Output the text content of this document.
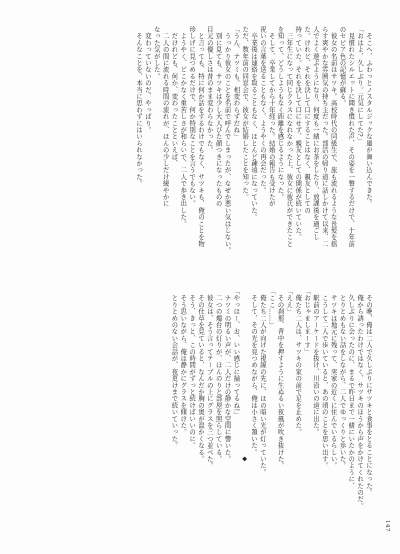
　そこへ、ふわっとノスタルジックな風が舞い込んできた。
「おはよ、久しぶり。元気にしてた?」
　見慣れたシルエットに聞き慣れた声、その姿を一瞥するだけで、十年前
のセピア色の記憶が蘇る。
　彼女の名前はサツキ。高校時代の同級生で、旅も流れるような長髪を揺
らす爽やかな雰囲気の持ち主だった。部活の帰り道に話しかけて以来、二
人でよく遊ぶようになり、何度も一緒にお茶をしたり、放課後を過ごし
た。けれど、それを決して口にすることはなく、親友としての
持っていた。それを決して口にせず、親友としての関係が続いていた。
　三年生になって同じクラスになれなかった上、彼女に彼氏ができたこと
を知って、どうしようもなく距離を感じるようになった。
　そして、卒業してから十年経った。結婚の報告も受けたが
祝いの言葉を送ることもなく、ようやくの再会だった。
　卒業後は連絡を取ることもなく、ほとんど疎遠になっていた。
ただ、数年前の同窓会で、彼女が結婚したことを知った。
「うん、ナツミも。相変わらずだね」
　うっかり彼女のことを名前で呼んでしまったが、なぜか悪い気はしない。
　別に見ても、サツキは少し大人びた顔つきになったものの
目元の優しさは昔のまま変わらなかった。
　と言っても、特に何か話をするわけでもなく、サツキも、俺のことを物
珍しげに見つめるだけで、何か特別なことを言うでもない。
　ようやく、どこかなく重苦しさが和らいで、二人で歩き出した。
　だけれども、何か、変わったことといえば、
　二人の間に流れる時間の流れが、ほんの少しだけ緩やかに
なった気がした。
　変わっていないのだ、やっぱり。
　そんなことを、本当に思わずにはいられなかった。
　その晩、俺は二人で久しぶりにサツキと食事をとることになった。
　俺から誘ったわけではなく、サツキのほうから声をかけてくれたのだ。
　久しぶりに会ったのに、まるで昨日まで一緒にいたかのように、
　とりとめもない話をしながら、二人でゆっくりと歩いた。
　サツキは地元に残って、実家の近くに住んでいるらしい。
　こうして二人で歩いていると、あの頃のことを思い出す。
　駅前のアーケードを抜け、川沿いの道に出た。
「おじゃましまーす」
　俺たち二人は、サツキの家の前で足を止めた。
「ええ」
　その刹那、背中を押すように生ぬるい夜風が吹き抜けた。
「ここ……」
　俺たち二人が向けた視線の先に、ほの暗い光が灯っていた。
　そして、その光を見つめながら、俺は小さく頷いた。
　　　　　　　　　　　　　　　　　　　　　　　　　◆
「やっほー、お、いい感じに揃ってるね!」
　ナツミの明るい声が、二人だけの静かな空間に響いた。
　二つの燭台の灯りが、ほんのりと部屋を照らしている。
　彼女は、そう言ってテーブルの上にグラスを三つ並べた。
　その仕草を見ていると、なんだか胸の奥が温かくなる。
　そう、きっと、この時間がずっと続けばいいのに。
　そう思いながら、俺は静かにグラスを傾けた。
　とりとめのない会話が、夜更けまで続いていった。
147
